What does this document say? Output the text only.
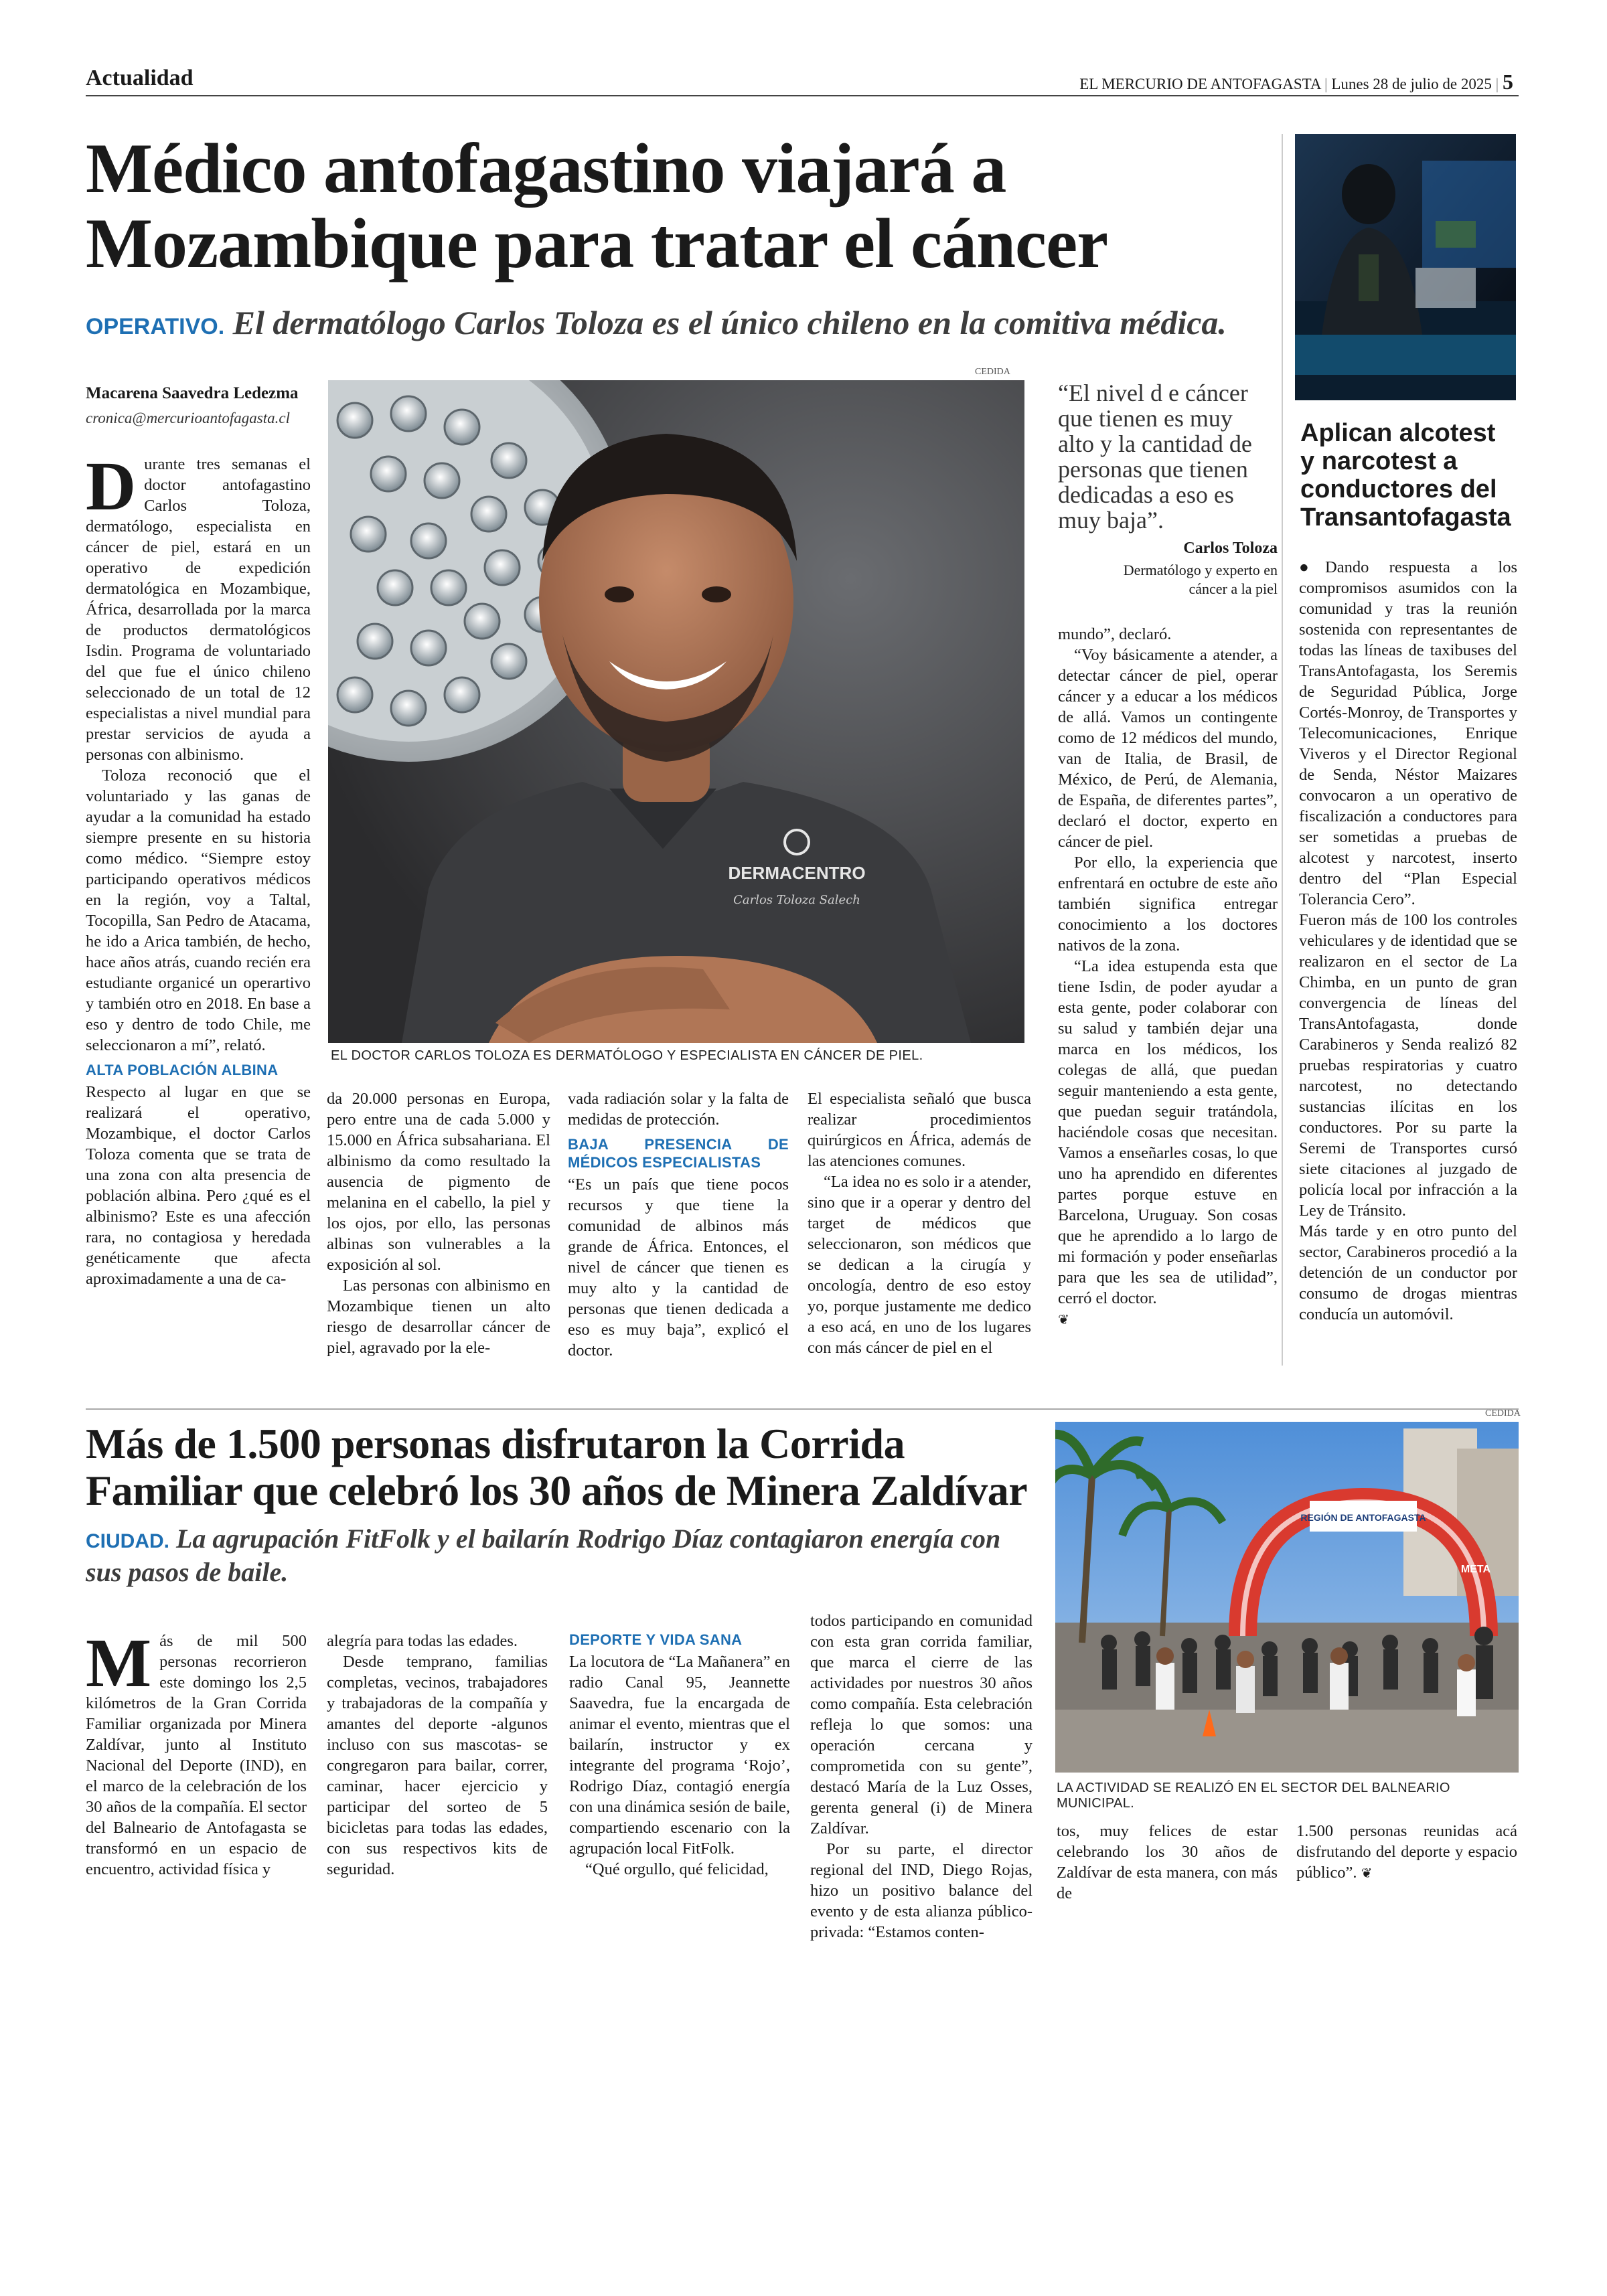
Actualidad	EL MERCURIO DE ANTOFAGASTA | Lunes 28 de julio de 2025 | 5
Médico antofagastino viajará a Mozambique para tratar el cáncer
OPERATIVO. El dermatólogo Carlos Toloza es el único chileno en la comitiva médica.
Macarena Saavedra Ledezma
cronica@mercurioantofagasta.cl

Durante tres semanas el doctor antofagastino Carlos Toloza, dermatólogo, especialista en cáncer de piel, estará en un operativo de expedición dermatológica en Mozambique, África, desarrollada por la marca de productos dermatológicos Isdin. Programa de voluntariado del que fue el único chileno seleccionado de un total de 12 especialistas a nivel mundial para prestar servicios de ayuda a personas con albinismo.

Toloza reconoció que el voluntariado y las ganas de ayudar a la comunidad ha estado siempre presente en su historia como médico. “Siempre estoy participando operativos médicos en la región, voy a Taltal, Tocopilla, San Pedro de Atacama, he ido a Arica también, de hecho, hace años atrás, cuando recién era estudiante organicé un operartivo y también otro en 2018. En base a eso y dentro de todo Chile, me seleccionaron a mí”, relató.

ALTA POBLACIÓN ALBINA

Respecto al lugar en que se realizará el operativo, Mozambique, el doctor Carlos Toloza comenta que se trata de una zona con alta presencia de población albina. Pero ¿qué es el albinismo? Este es una afección rara, no contagiosa y heredada genéticamente que afecta aproximadamente a una de ca-

CEDIDA
DERMACENTRO
Carlos Toloza Salech
EL DOCTOR CARLOS TOLOZA ES DERMATÓLOGO Y ESPECIALISTA EN CÁNCER DE PIEL.
“El nivel d e cáncer que tienen es muy alto y la cantidad de personas que tienen dedicadas a eso es muy baja”.
Carlos Toloza
Dermatólogo y experto en cáncer a la piel

mundo”, declaró.

“Voy básicamente a atender, a detectar cáncer de piel, operar cáncer y a educar a los médicos de allá. Vamos un contingente como de 12 médicos del mundo, van de Italia, de Brasil, de México, de Perú, de Alemania, de España, de diferentes partes”, declaró el doctor, experto en cáncer de piel.

Por ello, la experiencia que enfrentará en octubre de este año también significa entregar conocimiento a los doctores nativos de la zona.

“La idea estupenda esta que tiene Isdin, de poder ayudar a esta gente, poder colaborar con su salud y también dejar una marca en los médicos, los colegas de allá, que puedan seguir manteniendo a esta gente, que puedan seguir tratándola, haciéndole cosas que necesitan. Vamos a enseñarles cosas, lo que uno ha aprendido en diferentes partes porque estuve en Barcelona, Uruguay. Son cosas que he aprendido a lo largo de mi formación y poder enseñarlas para que les sea de utilidad”, cerró el doctor.

❦

da 20.000 personas en Europa, pero entre una de cada 5.000 y 15.000 en África subsahariana. El albinismo da como resultado la ausencia de pigmento de melanina en el cabello, la piel y los ojos, por ello, las personas albinas son vulnerables a la exposición al sol.

Las personas con albinismo en Mozambique tienen un alto riesgo de desarrollar cáncer de piel, agravado por la ele-

vada radiación solar y la falta de medidas de protección.

BAJA PRESENCIA DE MÉDICOS ESPECIALISTAS

“Es un país que tiene pocos recursos y que tiene la comunidad de albinos más grande de África. Entonces, el nivel de cáncer que tienen es muy alto y la cantidad de personas que tienen dedicada a eso es muy baja”, explicó el doctor.

El especialista señaló que busca realizar procedimientos quirúrgicos en África, además de las atenciones comunes.

“La idea no es solo ir a atender, sino que ir a operar y dentro del target de médicos que seleccionaron, son médicos que se dedican a la cirugía y oncología, dentro de eso estoy yo, porque justamente me dedico a eso acá, en uno de los lugares con más cáncer de piel en el

Aplican alcotest y narcotest a conductores del Transantofagasta

●Dando respuesta a los compromisos asumidos con la comunidad y tras la reunión sostenida con representantes de todas las líneas de taxibuses del TransAntofagasta, los Seremis de Seguridad Pública, Jorge Cortés-Monroy, de Transportes y Telecomunicaciones, Enrique Viveros y el Director Regional de Senda, Néstor Maizares convocaron a un operativo de fiscalización a conductores para ser sometidas a pruebas de alcotest y narcotest, inserto dentro del “Plan Especial Tolerancia Cero”.

Fueron más de 100 los controles vehiculares y de identidad que se realizaron en el sector de La Chimba, en un punto de gran convergencia de líneas del TransAntofagasta, donde Carabineros y Senda realizó 82 pruebas respiratorias y cuatro narcotest, no detectando sustancias ilícitas en los conductores. Por su parte la Seremi de Transportes cursó siete citaciones al juzgado de policía local por infracción a la Ley de Tránsito.

Más tarde y en otro punto del sector, Carabineros procedió a la detención de un conductor por consumo de drogas mientras conducía un automóvil.

Más de 1.500 personas disfrutaron la Corrida Familiar que celebró los 30 años de Minera Zaldívar
CIUDAD. La agrupación FitFolk y el bailarín Rodrigo Díaz contagiaron energía con sus pasos de baile.

Más de mil 500 personas recorrieron este domingo los 2,5 kilómetros de la Gran Corrida Familiar organizada por Minera Zaldívar, junto al Instituto Nacional del Deporte (IND), en el marco de la celebración de los 30 años de la compañía. El sector del Balneario de Antofagasta se transformó en un espacio de encuentro, actividad física y

alegría para todas las edades.

Desde temprano, familias completas, vecinos, trabajadores y trabajadoras de la compañía y amantes del deporte -algunos incluso con sus mascotas- se congregaron para bailar, correr, caminar, hacer ejercicio y participar del sorteo de 5 bicicletas para todas las edades, con sus respectivos kits de seguridad.

DEPORTE Y VIDA SANA

La locutora de “La Mañanera” en radio Canal 95, Jeannette Saavedra, fue la encargada de animar el evento, mientras que el bailarín, instructor y ex integrante del programa ‘Rojo’, Rodrigo Díaz, contagió energía con una dinámica sesión de baile, compartiendo escenario con la agrupación local FitFolk.

“Qué orgullo, qué felicidad,

todos participando en comunidad con esta gran corrida familiar, que marca el cierre de las actividades por nuestros 30 años como compañía. Esta celebración refleja lo que somos: una operación cercana y comprometida con su gente”, destacó María de la Luz Osses, gerenta general (i) de Minera Zaldívar.

Por su parte, el director regional del IND, Diego Rojas, hizo un positivo balance del evento y de esta alianza público-privada: “Estamos conten-

CEDIDA
REGIÓN DE ANTOFAGASTA
META
LA ACTIVIDAD SE REALIZÓ EN EL SECTOR DEL BALNEARIO MUNICIPAL.

tos, muy felices de estar celebrando los 30 años de Zaldívar de esta manera, con más de

1.500 personas reunidas acá disfrutando del deporte y espacio público”. ❦
